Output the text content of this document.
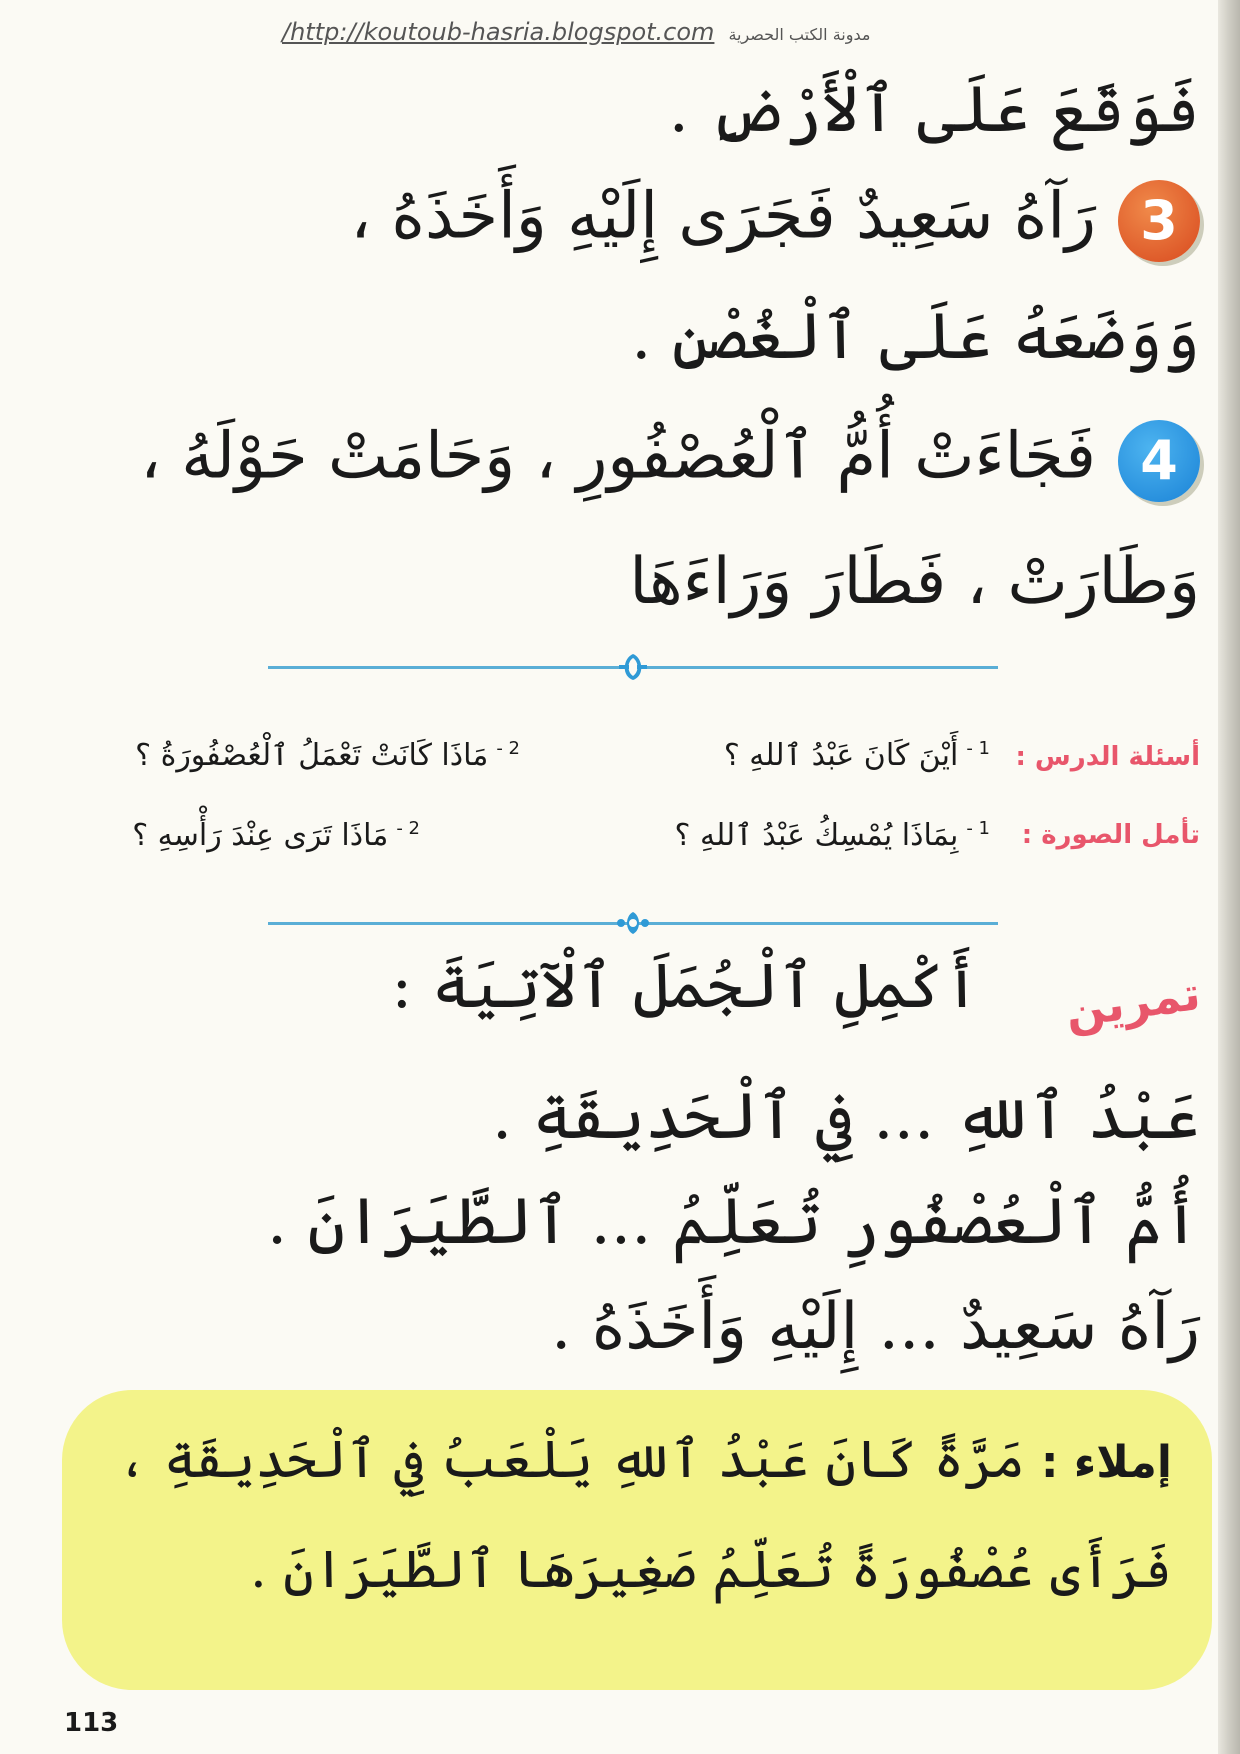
/http://koutoub-hasria.blogspot.com مدونة الكتب الحصرية
فَوَقَعَ عَلَى ٱلْأَرْضِ .
3رَآهُ سَعِيدٌ فَجَرَى إِلَيْهِ وَأَخَذَهُ ،
وَوَضَعَهُ عَلَى ٱلْغُصْنِ .
4فَجَاءَتْ أُمُّ ٱلْعُصْفُورِ ، وَحَامَتْ حَوْلَهُ ،
وَطَارَتْ ، فَطَارَ وَرَاءَهَا
أسئلة الدرس :
$^{1 -}$أَيْنَ كَانَ عَبْدُ ٱللهِ ؟
$^{2 -}$مَاذَا كَانَتْ تَعْمَلُ ٱلْعُصْفُورَةُ ؟
تأمل الصورة :
$^{1 -}$بِمَاذَا يُمْسِكُ عَبْدُ ٱللهِ ؟
$^{2 -}$مَاذَا تَرَى عِنْدَ رَأْسِهِ ؟
تمرين
أَكْمِلِ ٱلْجُمَلَ ٱلْآتِيَةَ :
عَبْدُ ٱللهِ ... فِي ٱلْحَدِيقَةِ .
أُمُّ ٱلْعُصْفُورِ تُعَلِّمُ ... ٱلطَّيَرَانَ .
رَآهُ سَعِيدٌ ... إِلَيْهِ وَأَخَذَهُ .
إملاء :مَرَّةً كَانَ عَبْدُ ٱللهِ يَلْعَبُ فِي ٱلْحَدِيقَةِ ،
فَرَأَى عُصْفُورَةً تُعَلِّمُ صَغِيرَهَا ٱلطَّيَرَانَ .
113
